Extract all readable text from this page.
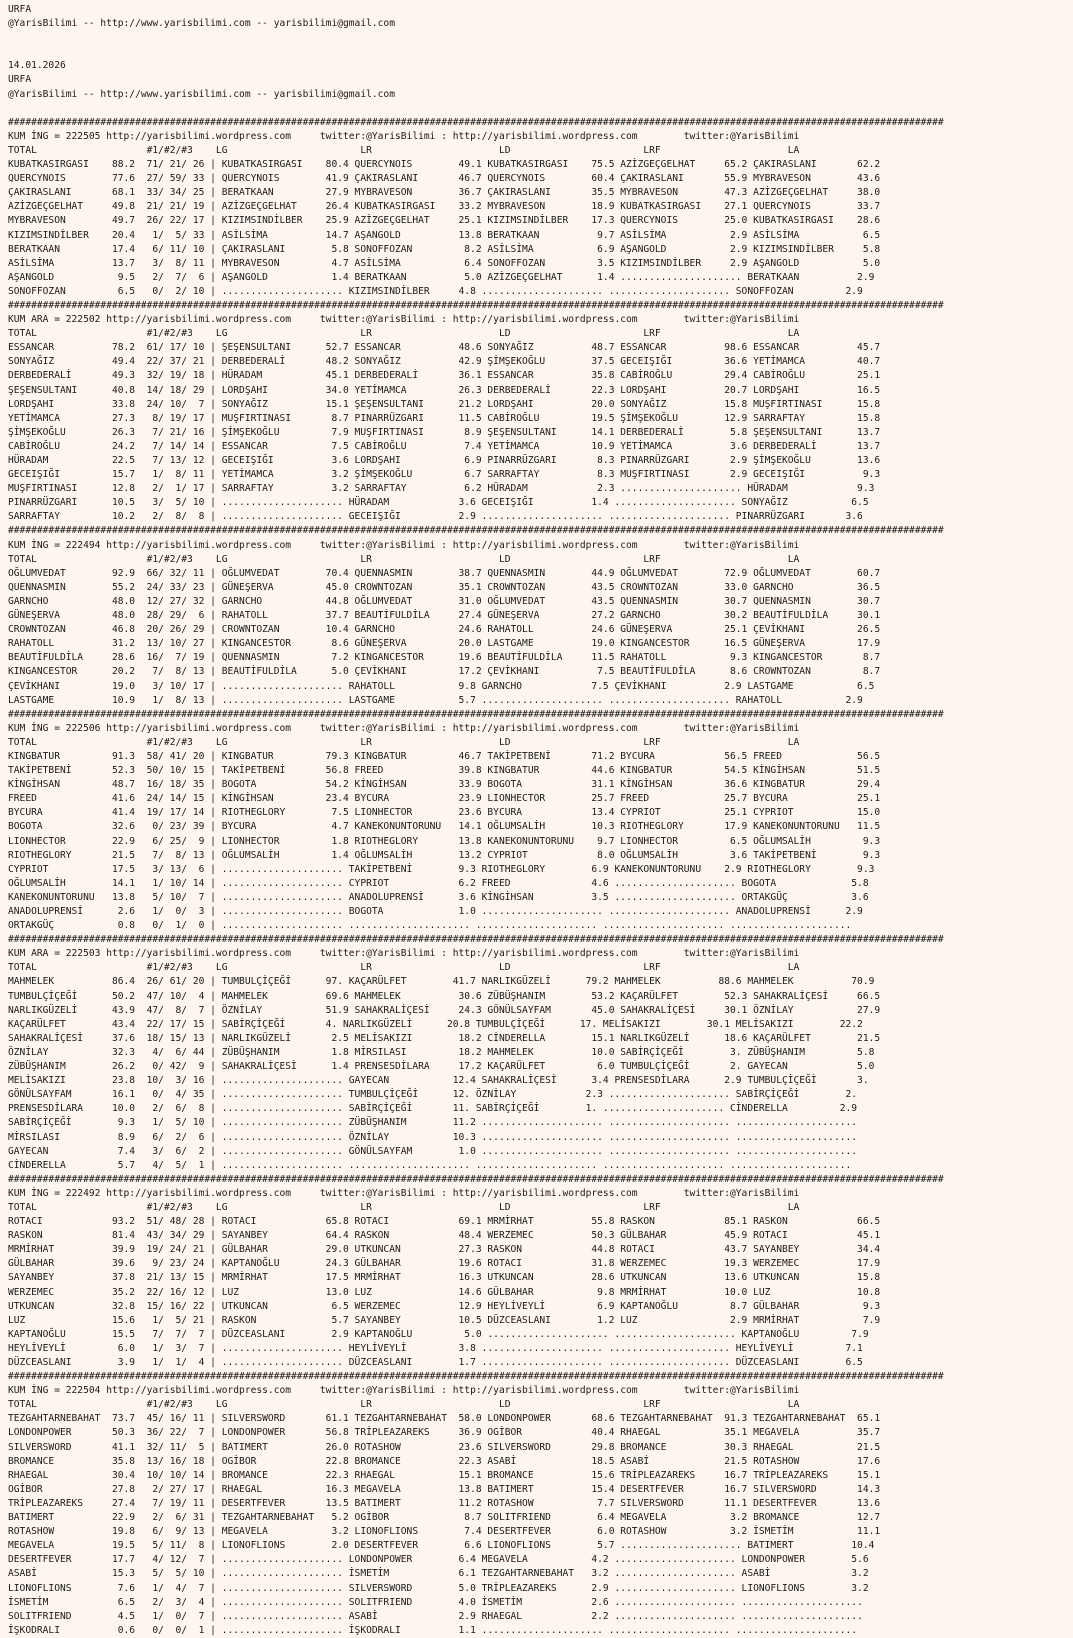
URFA
@YarisBilimi -- http://www.yarisbilimi.com -- yarisbilimi@gmail.com
14.01.2026
URFA
@YarisBilimi -- http://www.yarisbilimi.com -- yarisbilimi@gmail.com
##################################################################################################################################################################
KUM İNG = 222505 http://yarisbilimi.wordpress.com     twitter:@YarisBilimi : http://yarisbilimi.wordpress.com        twitter:@YarisBilimi
TOTAL                   #1/#2/#3    LG                       LR                      LD                       LRF                      LA
KUBATKASIRGASI    88.2  71/ 21/ 26 | KUBATKASIRGASI    80.4 QUERCYNOIS        49.1 KUBATKASIRGASI    75.5 AZİZGEÇGELHAT     65.2 ÇAKIRASLANI       62.2
QUERCYNOIS        77.6  27/ 59/ 33 | QUERCYNOIS        41.9 ÇAKIRASLANI       46.7 QUERCYNOIS        60.4 ÇAKIRASLANI       55.9 MYBRAVESON        43.6
ÇAKIRASLANI       68.1  33/ 34/ 25 | BERATKAAN         27.9 MYBRAVESON        36.7 ÇAKIRASLANI       35.5 MYBRAVESON        47.3 AZİZGEÇGELHAT     38.0
AZİZGEÇGELHAT     49.8  21/ 21/ 19 | AZİZGEÇGELHAT     26.4 KUBATKASIRGASI    33.2 MYBRAVESON        18.9 KUBATKASIRGASI    27.1 QUERCYNOIS        33.7
MYBRAVESON        49.7  26/ 22/ 17 | KIZIMSINDİLBER    25.9 AZİZGEÇGELHAT     25.1 KIZIMSINDİLBER    17.3 QUERCYNOIS        25.0 KUBATKASIRGASI    28.6
KIZIMSINDİLBER    20.4   1/  5/ 33 | ASİLSİMA          14.7 AŞANGOLD          13.8 BERATKAAN          9.7 ASİLSİMA           2.9 ASİLSİMA           6.5
BERATKAAN         17.4   6/ 11/ 10 | ÇAKIRASLANI        5.8 SONOFFOZAN         8.2 ASİLSİMA           6.9 AŞANGOLD           2.9 KIZIMSINDİLBER     5.8
ASİLSİMA          13.7   3/  8/ 11 | MYBRAVESON         4.7 ASİLSİMA           6.4 SONOFFOZAN         3.5 KIZIMSINDİLBER     2.9 AŞANGOLD           5.0
AŞANGOLD           9.5   2/  7/  6 | AŞANGOLD           1.4 BERATKAAN          5.0 AZİZGEÇGELHAT      1.4 ..................... BERATKAAN          2.9
SONOFFOZAN         6.5   0/  2/ 10 | ..................... KIZIMSINDİLBER     4.8 ..................... ..................... SONOFFOZAN         2.9
##################################################################################################################################################################
KUM ARA = 222502 http://yarisbilimi.wordpress.com     twitter:@YarisBilimi : http://yarisbilimi.wordpress.com        twitter:@YarisBilimi
TOTAL                   #1/#2/#3    LG                       LR                      LD                       LRF                      LA
ESSANCAR          78.2  61/ 17/ 10 | ŞEŞENSULTANI      52.7 ESSANCAR          48.6 SONYAĞIZ          48.7 ESSANCAR          98.6 ESSANCAR          45.7
SONYAĞIZ          49.4  22/ 37/ 21 | DERBEDERALİ       48.2 SONYAĞIZ          42.9 ŞİMŞEKOĞLU        37.5 GECEIŞIĞI         36.6 YETİMAMCA         40.7
DERBEDERALİ       49.3  32/ 19/ 18 | HÜRADAM           45.1 DERBEDERALİ       36.1 ESSANCAR          35.8 CABİROĞLU         29.4 CABİROĞLU         25.1
ŞEŞENSULTANI      40.8  14/ 18/ 29 | LORDŞAHI          34.0 YETİMAMCA         26.3 DERBEDERALİ       22.3 LORDŞAHI          20.7 LORDŞAHI          16.5
LORDŞAHI          33.8  24/ 10/  7 | SONYAĞIZ          15.1 ŞEŞENSULTANI      21.2 LORDŞAHI          20.0 SONYAĞIZ          15.8 MUŞFIRTINASI      15.8
YETİMAMCA         27.3   8/ 19/ 17 | MUŞFIRTINASI       8.7 PINARRÜZGARI      11.5 CABİROĞLU         19.5 ŞİMŞEKOĞLU        12.9 SARRAFTAY         15.8
ŞİMŞEKOĞLU        26.3   7/ 21/ 16 | ŞİMŞEKOĞLU         7.9 MUŞFIRTINASI       8.9 ŞEŞENSULTANI      14.1 DERBEDERALİ        5.8 ŞEŞENSULTANI      13.7
CABİROĞLU         24.2   7/ 14/ 14 | ESSANCAR           7.5 CABİROĞLU          7.4 YETİMAMCA         10.9 YETİMAMCA          3.6 DERBEDERALİ       13.7
HÜRADAM           22.5   7/ 13/ 12 | GECEIŞIĞI          3.6 LORDŞAHI           6.9 PINARRÜZGARI       8.3 PINARRÜZGARI       2.9 ŞİMŞEKOĞLU        13.6
GECEIŞIĞI         15.7   1/  8/ 11 | YETİMAMCA          3.2 ŞİMŞEKOĞLU         6.7 SARRAFTAY          8.3 MUŞFIRTINASI       2.9 GECEIŞIĞI          9.3
MUŞFIRTINASI      12.8   2/  1/ 17 | SARRAFTAY          3.2 SARRAFTAY          6.2 HÜRADAM            2.3 ..................... HÜRADAM            9.3
PINARRÜZGARI      10.5   3/  5/ 10 | ..................... HÜRADAM            3.6 GECEIŞIĞI          1.4 ..................... SONYAĞIZ           6.5
SARRAFTAY         10.2   2/  8/  8 | ..................... GECEIŞIĞI          2.9 ..................... ..................... PINARRÜZGARI       3.6
##################################################################################################################################################################
KUM İNG = 222494 http://yarisbilimi.wordpress.com     twitter:@YarisBilimi : http://yarisbilimi.wordpress.com        twitter:@YarisBilimi
TOTAL                   #1/#2/#3    LG                       LR                      LD                       LRF                      LA
OĞLUMVEDAT        92.9  66/ 32/ 11 | OĞLUMVEDAT        70.4 QUENNASMIN        38.7 QUENNASMIN        44.9 OĞLUMVEDAT        72.9 OĞLUMVEDAT        60.7
QUENNASMIN        55.2  24/ 33/ 23 | GÜNEŞERVA         45.0 CROWNTOZAN        35.1 CROWNTOZAN        43.5 CROWNTOZAN        33.0 GARNCHO           36.5
GARNCHO           48.0  12/ 27/ 32 | GARNCHO           44.8 OĞLUMVEDAT        31.0 OĞLUMVEDAT        43.5 QUENNASMIN        30.7 QUENNASMIN        30.7
GÜNEŞERVA         48.0  28/ 29/  6 | RAHATOLL          37.7 BEAUTİFULDİLA     27.4 GÜNEŞERVA         27.2 GARNCHO           30.2 BEAUTİFULDİLA     30.1
CROWNTOZAN        46.8  20/ 26/ 29 | CROWNTOZAN        10.4 GARNCHO           24.6 RAHATOLL          24.6 GÜNEŞERVA         25.1 ÇEVİKHANI         26.5
RAHATOLL          31.2  13/ 10/ 27 | KINGANCESTOR       8.6 GÜNEŞERVA         20.0 LASTGAME          19.0 KINGANCESTOR      16.5 GÜNEŞERVA         17.9
BEAUTİFULDİLA     28.6  16/  7/ 19 | QUENNASMIN         7.2 KINGANCESTOR      19.6 BEAUTİFULDİLA     11.5 RAHATOLL           9.3 KINGANCESTOR       8.7
KINGANCESTOR      20.2   7/  8/ 13 | BEAUTİFULDİLA      5.0 ÇEVİKHANI         17.2 ÇEVİKHANI          7.5 BEAUTİFULDİLA      8.6 CROWNTOZAN         8.7
ÇEVİKHANI         19.0   3/ 10/ 17 | ..................... RAHATOLL           9.8 GARNCHO            7.5 ÇEVİKHANI          2.9 LASTGAME           6.5
LASTGAME          10.9   1/  8/ 13 | ..................... LASTGAME           5.7 ..................... ..................... RAHATOLL           2.9
##################################################################################################################################################################
KUM İNG = 222506 http://yarisbilimi.wordpress.com     twitter:@YarisBilimi : http://yarisbilimi.wordpress.com        twitter:@YarisBilimi
TOTAL                   #1/#2/#3    LG                       LR                      LD                       LRF                      LA
KINGBATUR         91.3  58/ 41/ 20 | KINGBATUR         79.3 KINGBATUR         46.7 TAKİPETBENİ       71.2 BYCURA            56.5 FREED             56.5
TAKİPETBENİ       52.3  50/ 10/ 15 | TAKİPETBENİ       56.8 FREED             39.8 KINGBATUR         44.6 KINGBATUR         54.5 KİNGİHSAN         51.5
KİNGİHSAN         48.7  16/ 18/ 35 | BOGOTA            54.2 KİNGİHSAN         33.9 BOGOTA            31.1 KİNGİHSAN         36.6 KINGBATUR         29.4
FREED             41.6  24/ 14/ 15 | KİNGİHSAN         23.4 BYCURA            23.9 LIONHECTOR        25.7 FREED             25.7 BYCURA            25.1
BYCURA            41.4  19/ 17/ 14 | RIOTHEGLORY        7.5 LIONHECTOR        23.6 BYCURA            13.4 CYPRIOT           25.1 CYPRIOT           15.0
BOGOTA            32.6   0/ 23/ 39 | BYCURA             4.7 KANEKONUNTORUNU   14.1 OĞLUMSALİH        10.3 RIOTHEGLORY       17.9 KANEKONUNTORUNU   11.5
LIONHECTOR        22.9   6/ 25/  9 | LIONHECTOR         1.8 RIOTHEGLORY       13.8 KANEKONUNTORUNU    9.7 LIONHECTOR         6.5 OĞLUMSALİH         9.3
RIOTHEGLORY       21.5   7/  8/ 13 | OĞLUMSALİH         1.4 OĞLUMSALİH        13.2 CYPRIOT            8.0 OĞLUMSALİH         3.6 TAKİPETBENİ        9.3
CYPRIOT           17.5   3/ 13/  6 | ..................... TAKİPETBENİ        9.3 RIOTHEGLORY        6.9 KANEKONUNTORUNU    2.9 RIOTHEGLORY        9.3
OĞLUMSALİH        14.1   1/ 10/ 14 | ..................... CYPRIOT            6.2 FREED              4.6 ..................... BOGOTA             5.8
KANEKONUNTORUNU   13.8   5/ 10/  7 | ..................... ANADOLUPRENSİ      3.6 KİNGİHSAN          3.5 ..................... ORTAKGÜÇ           3.6
ANADOLUPRENSİ      2.6   1/  0/  3 | ..................... BOGOTA             1.0 ..................... ..................... ANADOLUPRENSİ      2.9
ORTAKGÜÇ           0.8   0/  1/  0 | ..................... ..................... ..................... ..................... .....................
##################################################################################################################################################################
KUM ARA = 222503 http://yarisbilimi.wordpress.com     twitter:@YarisBilimi : http://yarisbilimi.wordpress.com        twitter:@YarisBilimi
TOTAL                   #1/#2/#3    LG                       LR                      LD                       LRF                      LA
MAHMELEK          86.4  26/ 61/ 20 | TUMBULÇİÇEĞİ      97. KAÇARÜLFET        41.7 NARLIKGÜZELİ      79.2 MAHMELEK          88.6 MAHMELEK          70.9
TUMBULÇİÇEĞİ      50.2  47/ 10/  4 | MAHMELEK          69.6 MAHMELEK          30.6 ZÜBÜŞHANIM        53.2 KAÇARÜLFET        52.3 SAHAKRALİÇESİ     66.5
NARLIKGÜZELİ      43.9  47/  8/  7 | ÖZNİLAY           51.9 SAHAKRALİÇESİ     24.3 GÖNÜLSAYFAM       45.0 SAHAKRALİÇESİ     30.1 ÖZNİLAY           27.9
KAÇARÜLFET        43.4  22/ 17/ 15 | SABİRÇİÇEĞİ       4. NARLIKGÜZELİ      20.8 TUMBULÇİÇEĞİ      17. MELİSAKIZI        30.1 MELİSAKIZI        22.2
SAHAKRALİÇESİ     37.6  18/ 15/ 13 | NARLIKGÜZELİ       2.5 MELİSAKIZI        18.2 CİNDERELLA        15.1 NARLIKGÜZELİ      18.6 KAÇARÜLFET        21.5
ÖZNİLAY           32.3   4/  6/ 44 | ZÜBÜŞHANIM         1.8 MİRSILASI         18.2 MAHMELEK          10.0 SABİRÇİÇEĞİ        3. ZÜBÜŞHANIM         5.8
ZÜBÜŞHANIM        26.2   0/ 42/  9 | SAHAKRALİÇESİ      1.4 PRENSESDİLARA     17.2 KAÇARÜLFET         6.0 TUMBULÇİÇEĞİ       2. GAYECAN            5.0
MELİSAKIZI        23.8  10/  3/ 16 | ..................... GAYECAN           12.4 SAHAKRALİÇESİ      3.4 PRENSESDİLARA      2.9 TUMBULÇİÇEĞİ       3.
GÖNÜLSAYFAM       16.1   0/  4/ 35 | ..................... TUMBULÇİÇEĞİ      12. ÖZNİLAY            2.3 ..................... SABİRÇİÇEĞİ        2.
PRENSESDİLARA     10.0   2/  6/  8 | ..................... SABİRÇİÇEĞİ       11. SABİRÇİÇEĞİ        1. ..................... CİNDERELLA         2.9
SABİRÇİÇEĞİ        9.3   1/  5/ 10 | ..................... ZÜBÜŞHANIM        11.2 ..................... ..................... .....................
MİRSILASI          8.9   6/  2/  6 | ..................... ÖZNİLAY           10.3 ..................... ..................... .....................
GAYECAN            7.4   3/  6/  2 | ..................... GÖNÜLSAYFAM        1.0 ..................... ..................... .....................
CİNDERELLA         5.7   4/  5/  1 | ..................... ..................... ..................... ..................... .....................
##################################################################################################################################################################
KUM İNG = 222492 http://yarisbilimi.wordpress.com     twitter:@YarisBilimi : http://yarisbilimi.wordpress.com        twitter:@YarisBilimi
TOTAL                   #1/#2/#3    LG                       LR                      LD                       LRF                      LA
ROTACI            93.2  51/ 48/ 28 | ROTACI            65.8 ROTACI            69.1 MRMİRHAT          55.8 RASKON            85.1 RASKON            66.5
RASKON            81.4  43/ 34/ 29 | SAYANBEY          64.4 RASKON            48.4 WERZEMEC          50.3 GÜLBAHAR          45.9 ROTACI            45.1
MRMİRHAT          39.9  19/ 24/ 21 | GÜLBAHAR          29.0 UTKUNCAN          27.3 RASKON            44.8 ROTACI            43.7 SAYANBEY          34.4
GÜLBAHAR          39.6   9/ 23/ 24 | KAPTANOĞLU        24.3 GÜLBAHAR          19.6 ROTACI            31.8 WERZEMEC          19.3 WERZEMEC          17.9
SAYANBEY          37.8  21/ 13/ 15 | MRMİRHAT          17.5 MRMİRHAT          16.3 UTKUNCAN          28.6 UTKUNCAN          13.6 UTKUNCAN          15.8
WERZEMEC          35.2  22/ 16/ 12 | LUZ               13.0 LUZ               14.6 GÜLBAHAR           9.8 MRMİRHAT          10.0 LUZ               10.8
UTKUNCAN          32.8  15/ 16/ 22 | UTKUNCAN           6.5 WERZEMEC          12.9 HEYLİVEYLİ         6.9 KAPTANOĞLU         8.7 GÜLBAHAR           9.3
LUZ               15.6   1/  5/ 21 | RASKON             5.7 SAYANBEY          10.5 DÜZCEASLANI        1.2 LUZ                2.9 MRMİRHAT           7.9
KAPTANOĞLU        15.5   7/  7/  7 | DÜZCEASLANI        2.9 KAPTANOĞLU         5.0 ..................... ..................... KAPTANOĞLU         7.9
HEYLİVEYLİ         6.0   1/  3/  7 | ..................... HEYLİVEYLİ         3.8 ..................... ..................... HEYLİVEYLİ         7.1
DÜZCEASLANI        3.9   1/  1/  4 | ..................... DÜZCEASLANI        1.7 ..................... ..................... DÜZCEASLANI        6.5
##################################################################################################################################################################
KUM İNG = 222504 http://yarisbilimi.wordpress.com     twitter:@YarisBilimi : http://yarisbilimi.wordpress.com        twitter:@YarisBilimi
TOTAL                   #1/#2/#3    LG                       LR                      LD                       LRF                      LA
TEZGAHTARNEBAHAT  73.7  45/ 16/ 11 | SILVERSWORD       61.1 TEZGAHTARNEBAHAT  58.0 LONDONPOWER       68.6 TEZGAHTARNEBAHAT  91.3 TEZGAHTARNEBAHAT  65.1
LONDONPOWER       50.3  36/ 22/  7 | LONDONPOWER       56.8 TRİPLEAZAREKS     36.9 OGİBOR            40.4 RHAEGAL           35.1 MEGAVELA          35.7
SILVERSWORD       41.1  32/ 11/  5 | BATIMERT          26.0 ROTASHOW          23.6 SILVERSWORD       29.8 BROMANCE          30.3 RHAEGAL           21.5
BROMANCE          35.8  13/ 16/ 18 | OGİBOR            22.8 BROMANCE          22.3 ASABİ             18.5 ASABİ             21.5 ROTASHOW          17.6
RHAEGAL           30.4  10/ 10/ 14 | BROMANCE          22.3 RHAEGAL           15.1 BROMANCE          15.6 TRİPLEAZAREKS     16.7 TRİPLEAZAREKS     15.1
OGİBOR            27.8   2/ 27/ 17 | RHAEGAL           16.3 MEGAVELA          13.8 BATIMERT          15.4 DESERTFEVER       16.7 SILVERSWORD       14.3
TRİPLEAZAREKS     27.4   7/ 19/ 11 | DESERTFEVER       13.5 BATIMERT          11.2 ROTASHOW           7.7 SILVERSWORD       11.1 DESERTFEVER       13.6
BATIMERT          22.9   2/  6/ 31 | TEZGAHTARNEBAHAT   5.2 OGİBOR             8.7 SOLITFRIEND        6.4 MEGAVELA           3.2 BROMANCE          12.7
ROTASHOW          19.8   6/  9/ 13 | MEGAVELA           3.2 LIONOFLIONS        7.4 DESERTFEVER        6.0 ROTASHOW           3.2 İSMETİM           11.1
MEGAVELA          19.5   5/ 11/  8 | LIONOFLIONS        2.0 DESERTFEVER        6.6 LIONOFLIONS        5.7 ..................... BATIMERT          10.4
DESERTFEVER       17.7   4/ 12/  7 | ..................... LONDONPOWER        6.4 MEGAVELA           4.2 ..................... LONDONPOWER        5.6
ASABİ             15.3   5/  5/ 10 | ..................... İSMETİM            6.1 TEZGAHTARNEBAHAT   3.2 ..................... ASABİ              3.2
LIONOFLIONS        7.6   1/  4/  7 | ..................... SILVERSWORD        5.0 TRİPLEAZAREKS      2.9 ..................... LIONOFLIONS        3.2
İSMETİM            6.5   2/  3/  4 | ..................... SOLITFRIEND        4.0 İSMETİM            2.6 ..................... .....................
SOLITFRIEND        4.5   1/  0/  7 | ..................... ASABİ              2.9 RHAEGAL            2.2 ..................... .....................
İŞKODRALI          0.6   0/  0/  1 | ..................... İŞKODRALI          1.1 ..................... ..................... .....................
